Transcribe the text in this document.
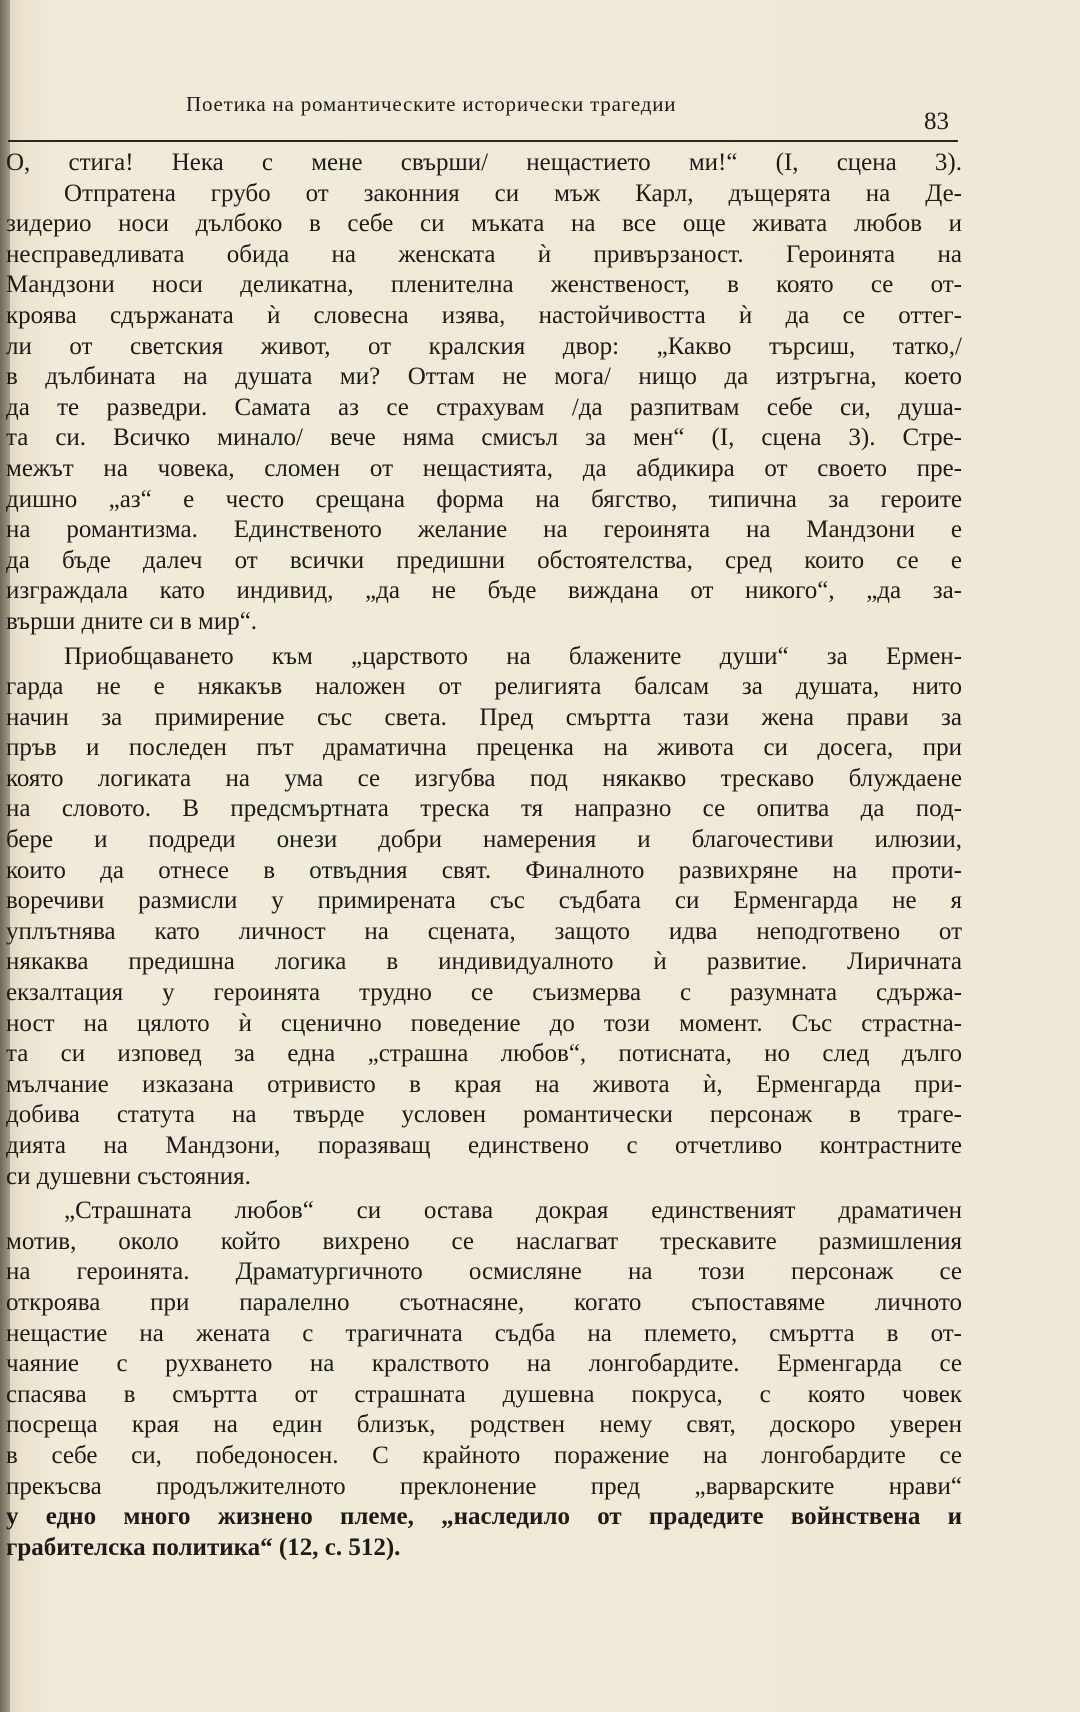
Поетика на романтическите исторически трагедии
83
О, стига! Нека с мене свърши/ нещастието ми!“ (І, сцена 3).
Отпратена грубо от законния си мъж Карл, дъщерята на Де-
зидерио носи дълбоко в себе си мъката на все още живата любов и
несправедливата обида на женската ѝ привързаност. Героинята на
Мандзони носи деликатна, пленителна женственост, в която се от-
кроява сдържаната ѝ словесна изява, настойчивостта ѝ да се оттег-
ли от светския живот, от кралския двор: „Какво търсиш, татко,/
в дълбината на душата ми? Оттам не мога/ нищо да изтръгна, което
да те разведри. Самата аз се страхувам /да разпитвам себе си, душа-
та си. Всичко минало/ вече няма смисъл за мен“ (І, сцена 3). Стре-
межът на човека, сломен от нещастията, да абдикира от своето пре-
дишно „аз“ е често срещана форма на бягство, типична за героите
на романтизма. Единственото желание на героинята на Мандзони е
да бъде далеч от всички предишни обстоятелства, сред които се е
изграждала като индивид, „да не бъде виждана от никого“, „да за-
върши дните си в мир“.
Приобщаването към „царството на блажените души“ за Ермен-
гарда не е някакъв наложен от религията балсам за душата, нито
начин за примирение със света. Пред смъртта тази жена прави за
пръв и последен път драматична преценка на живота си досега, при
която логиката на ума се изгубва под някакво трескаво блуждаене
на словото. В предсмъртната треска тя напразно се опитва да под-
бере и подреди онези добри намерения и благочестиви илюзии,
които да отнесе в отвъдния свят. Финалното развихряне на проти-
воречиви размисли у примирената със съдбата си Ерменгарда не я
уплътнява като личност на сцената, защото идва неподготвено от
някаква предишна логика в индивидуалното ѝ развитие. Лиричната
екзалтация у героинята трудно се съизмерва с разумната сдържа-
ност на цялото ѝ сценично поведение до този момент. Със страстна-
та си изповед за една „страшна любов“, потисната, но след дълго
мълчание изказана отривисто в края на живота ѝ, Ерменгарда при-
добива статута на твърде условен романтически персонаж в траге-
дията на Мандзони, поразяващ единствено с отчетливо контрастните
си душевни състояния.
„Страшната любов“ си остава докрая единственият драматичен
мотив, около който вихрено се наслагват трескавите размишления
на героинята. Драматургичното осмисляне на този персонаж се
открoява при паралелно съотнасяне, когато съпоставяме личното
нещастие на жената с трагичната съдба на племето, смъртта в от-
чаяние с рухването на кралството на лонгобардите. Ерменгарда се
спасява в смъртта от страшната душевна покруса, с която човек
посреща края на един близък, родствен нему свят, доскоро уверен
в себе си, победоносен. С крайното поражение на лонгобардите се
прекъсва продължителното преклонение пред „варварските нрави“
у едно много жизнено племе, „наследило от прадедите войнствена и
грабителска политика“ (12, с. 512).
